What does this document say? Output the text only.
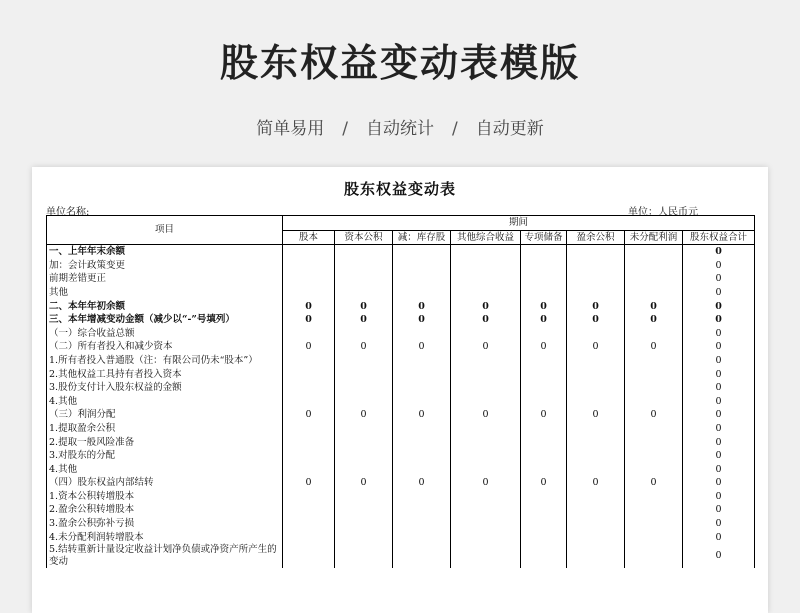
股东权益变动表模版
简单易用 / 自动统计 / 自动更新
股东权益变动表
单位名称:	单位：人民币元
项目	期间							
	股本	资本公积	减：库存股	其他综合收益	专项储备	盈余公积	未分配利润	股东权益合计
一、上年年末余额								0
加：会计政策变更								0
前期差错更正								0
其他								0
二、本年年初余额	0	0	0	0	0	0	0	0
三、本年增减变动金额（减少以“-”号填列）	0	0	0	0	0	0	0	0
（一）综合收益总额								0
（二）所有者投入和减少资本	0	0	0	0	0	0	0	0
1.所有者投入普通股（注：有限公司仍未“股本”）								0
2.其他权益工具持有者投入资本								0
3.股份支付计入股东权益的金额								0
4.其他								0
（三）利润分配	0	0	0	0	0	0	0	0
1.提取盈余公积								0
2.提取一般风险准备								0
3.对股东的分配								0
4.其他								0
（四）股东权益内部结转	0	0	0	0	0	0	0	0
1.资本公积转增股本								0
2.盈余公积转增股本								0
3.盈余公积弥补亏损								0
4.未分配利润转增股本								0
5.结转重新计量设定收益计划净负债或净资产所产生的变动								0
